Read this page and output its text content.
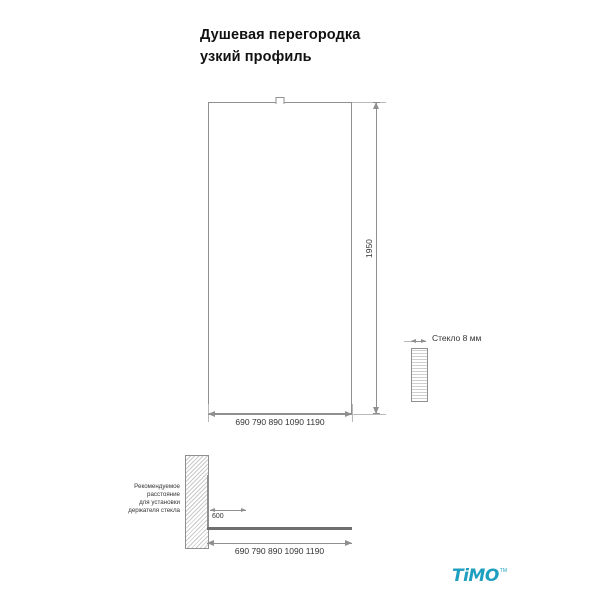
Душевая перегородка
узкий профиль
1950
690 790 890 1090 1190
Стекло 8 мм
Рекомендуемое
расстояние
для установки
держателя стекла
600
690 790 890 1090 1190
TiMO TM
